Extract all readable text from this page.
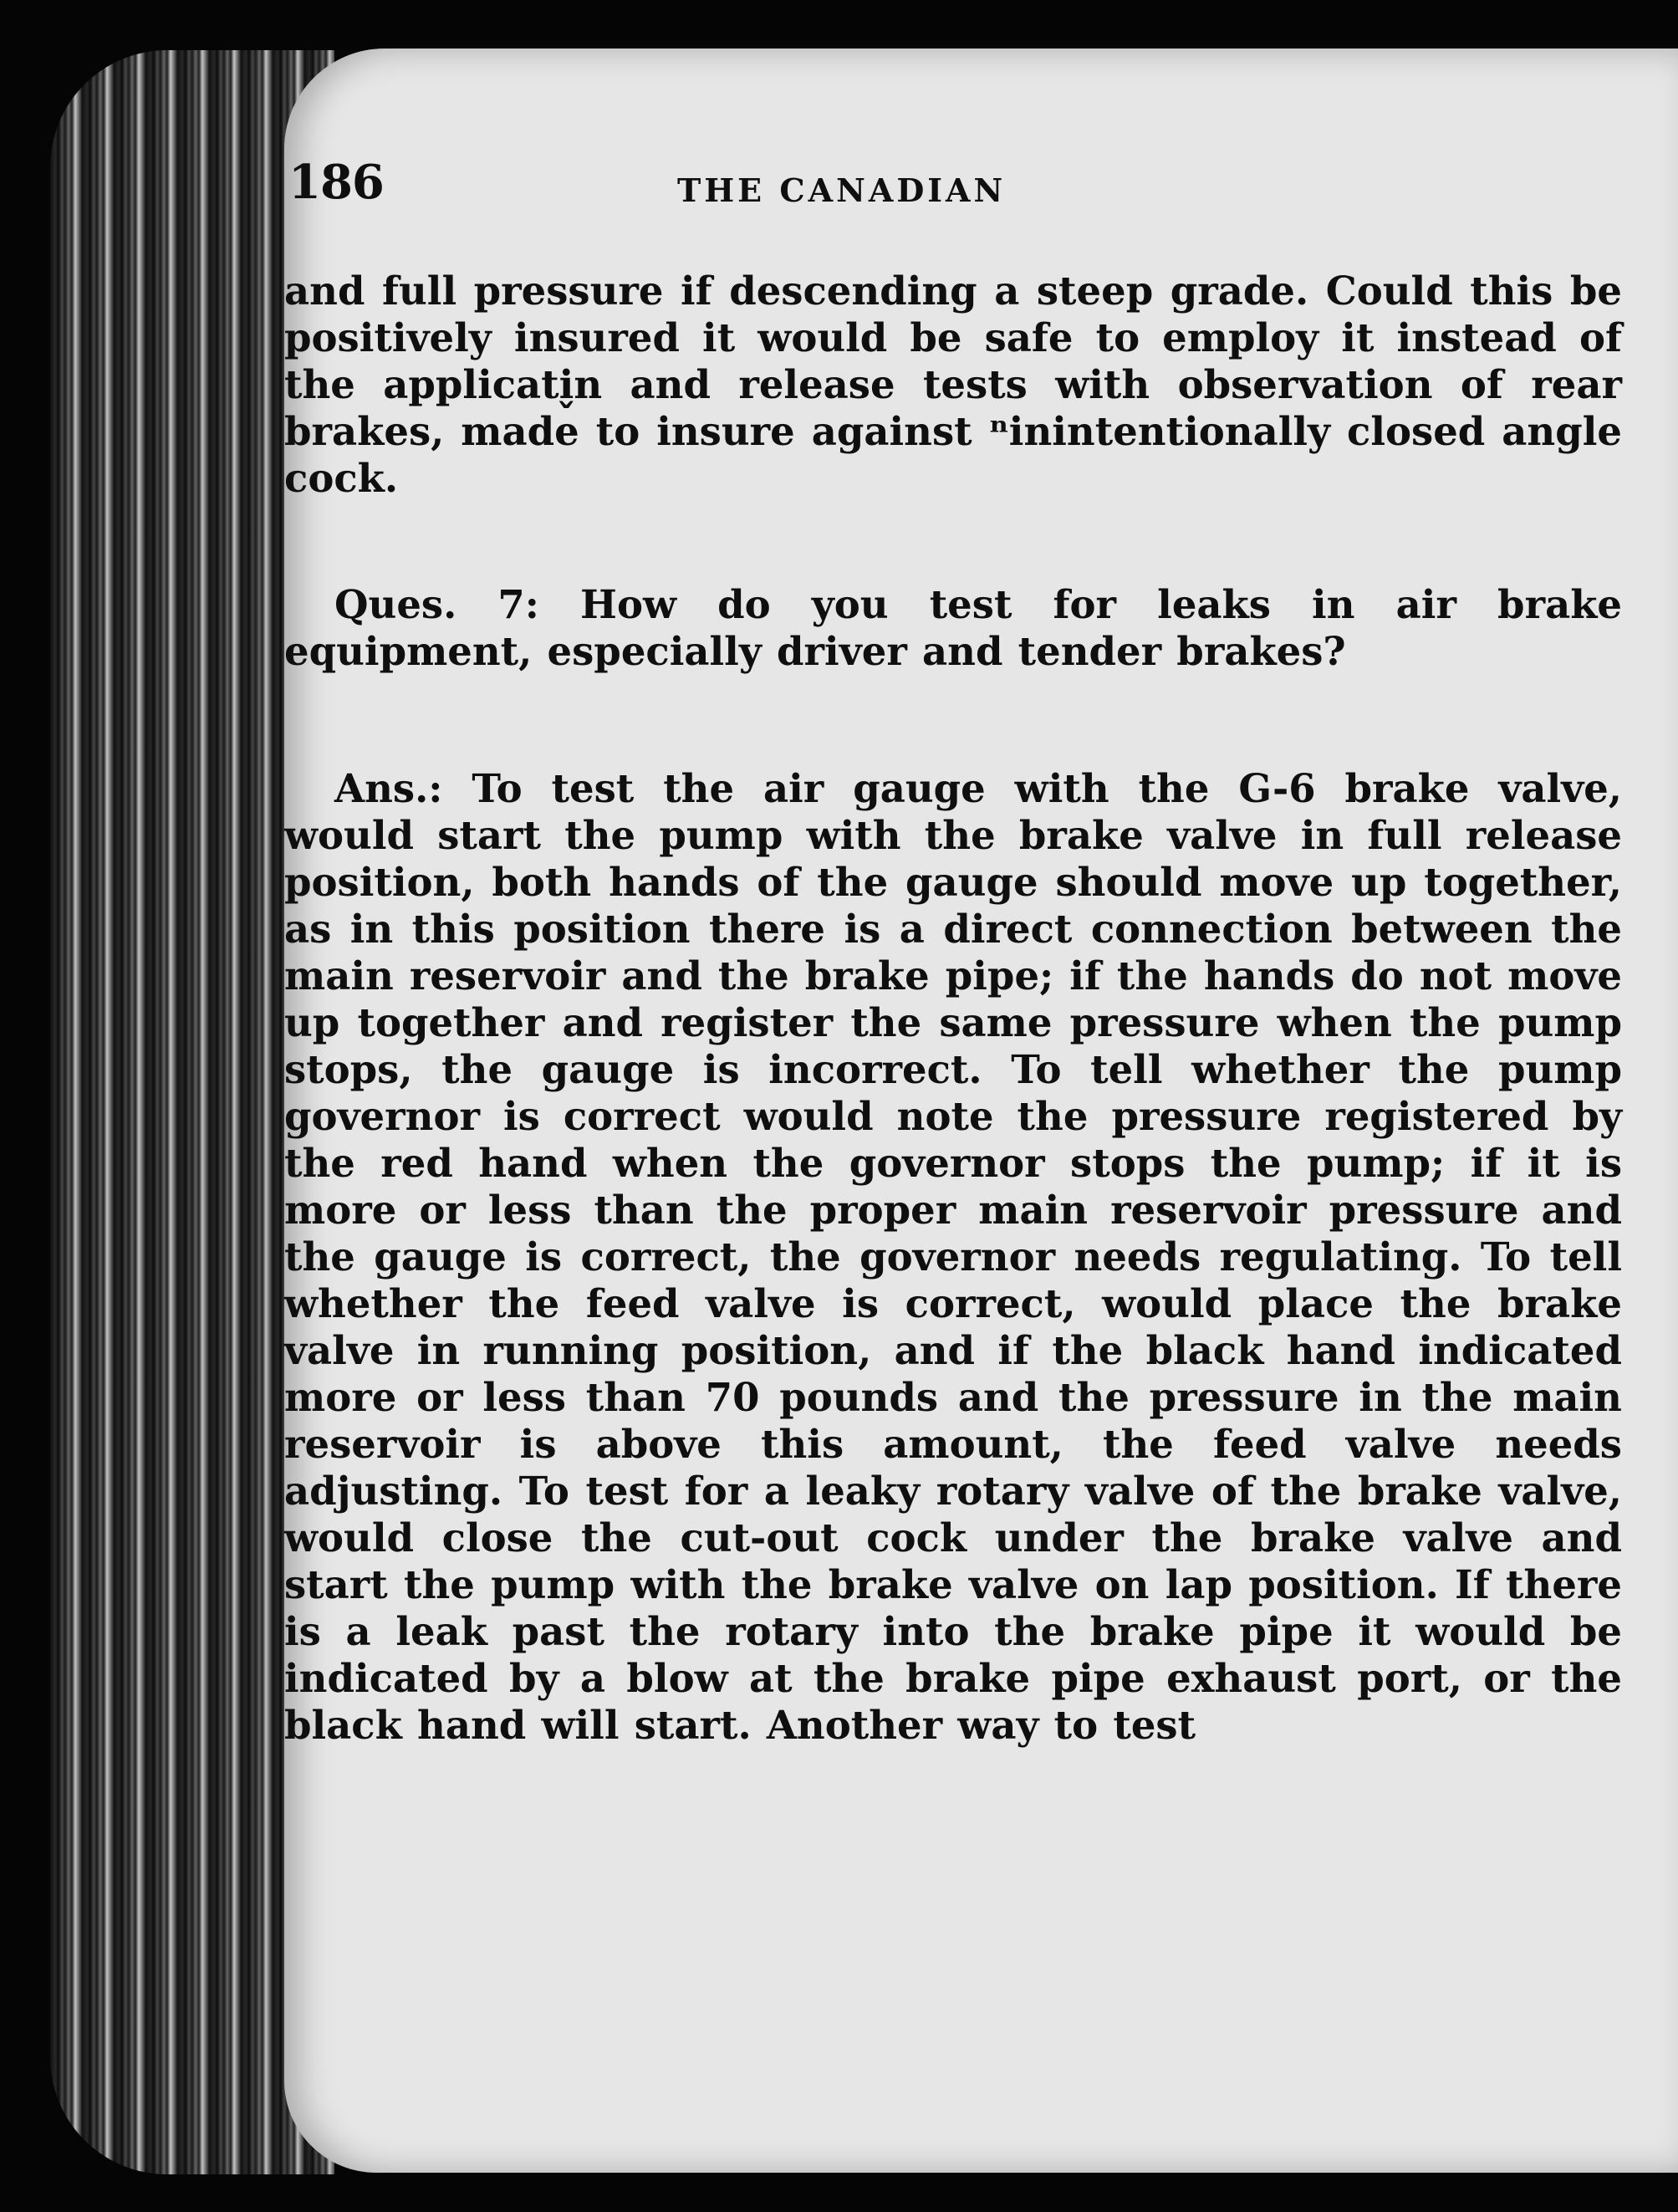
186	THE CANADIAN
and full pressure if descending a steep grade. Could this be positively insured it would be safe to employ it instead of the applicati̬n and release tests with observation of rear brakes, made to insure against ⁿinintentionally closed angle cock.
Ques. 7: How do you test for leaks in air brake equipment, especially driver and tender brakes?
Ans.: To test the air gauge with the G-6 brake valve, would start the pump with the brake valve in full release position, both hands of the gauge should move up together, as in this position there is a direct connection between the main reservoir and the brake pipe; if the hands do not move up together and register the same pressure when the pump stops, the gauge is incorrect. To tell whether the pump governor is correct would note the pressure registered by the red hand when the governor stops the pump; if it is more or less than the proper main reservoir pressure and the gauge is correct, the governor needs regulating. To tell whether the feed valve is correct, would place the brake valve in running position, and if the black hand indicated more or less than 70 pounds and the pressure in the main reservoir is above this amount, the feed valve needs adjusting. To test for a leaky rotary valve of the brake valve, would close the cut-out cock under the brake valve and start the pump with the brake valve on lap position. If there is a leak past the rotary into the brake pipe it would be indicated by a blow at the brake pipe exhaust port, or the black hand will start. Another way to test
